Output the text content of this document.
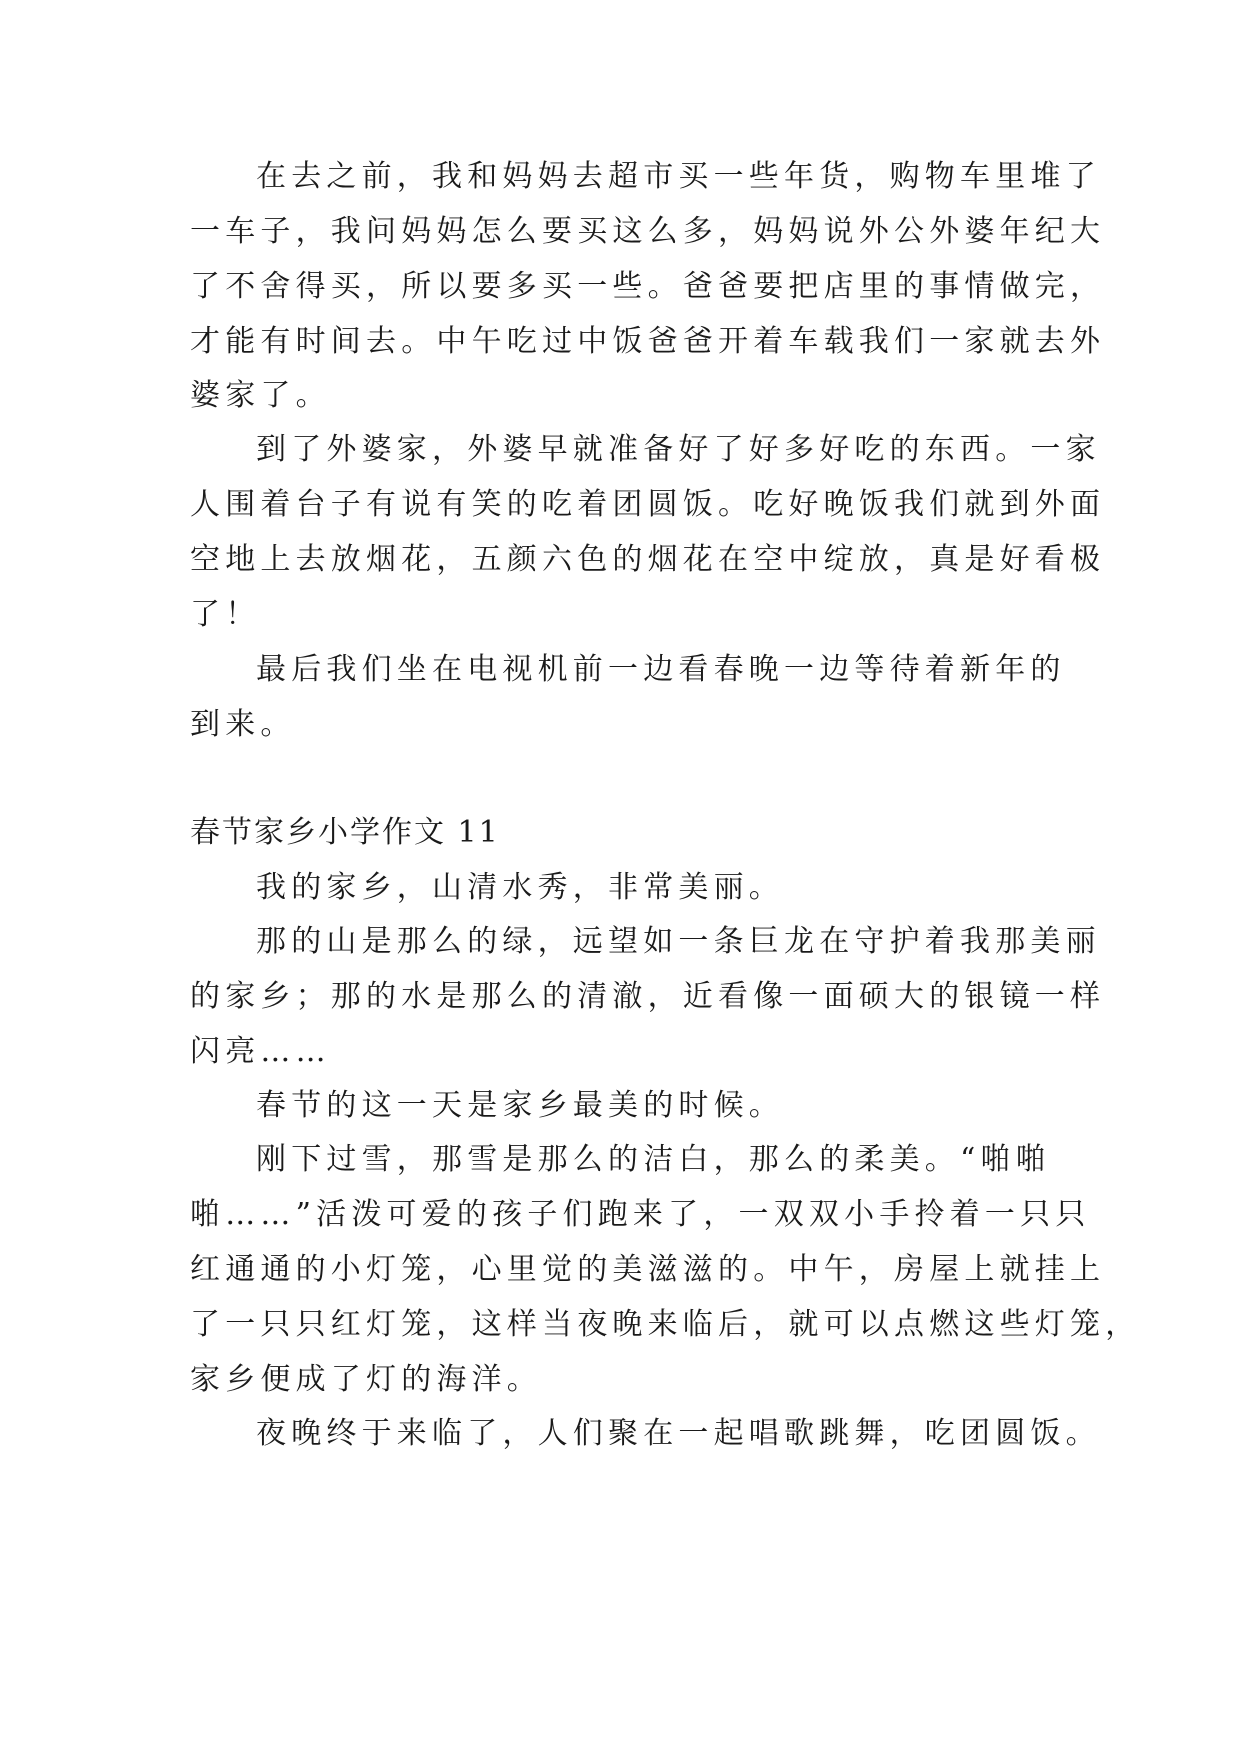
在去之前，我和妈妈去超市买一些年货，购物车里堆了
一车子，我问妈妈怎么要买这么多，妈妈说外公外婆年纪大
了不舍得买，所以要多买一些。爸爸要把店里的事情做完，
才能有时间去。中午吃过中饭爸爸开着车载我们一家就去外
婆家了。
到了外婆家，外婆早就准备好了好多好吃的东西。一家
人围着台子有说有笑的吃着团圆饭。吃好晚饭我们就到外面
空地上去放烟花，五颜六色的烟花在空中绽放，真是好看极
了！
最后我们坐在电视机前一边看春晚一边等待着新年的
到来。
春节家乡小学作文 11
我的家乡，山清水秀，非常美丽。
那的山是那么的绿，远望如一条巨龙在守护着我那美丽
的家乡；那的水是那么的清澈，近看像一面硕大的银镜一样
闪亮……
春节的这一天是家乡最美的时候。
刚下过雪，那雪是那么的洁白，那么的柔美。“啪啪
啪……”活泼可爱的孩子们跑来了，一双双小手拎着一只只
红通通的小灯笼，心里觉的美滋滋的。中午，房屋上就挂上
了一只只红灯笼，这样当夜晚来临后，就可以点燃这些灯笼，
家乡便成了灯的海洋。
夜晚终于来临了，人们聚在一起唱歌跳舞，吃团圆饭。
